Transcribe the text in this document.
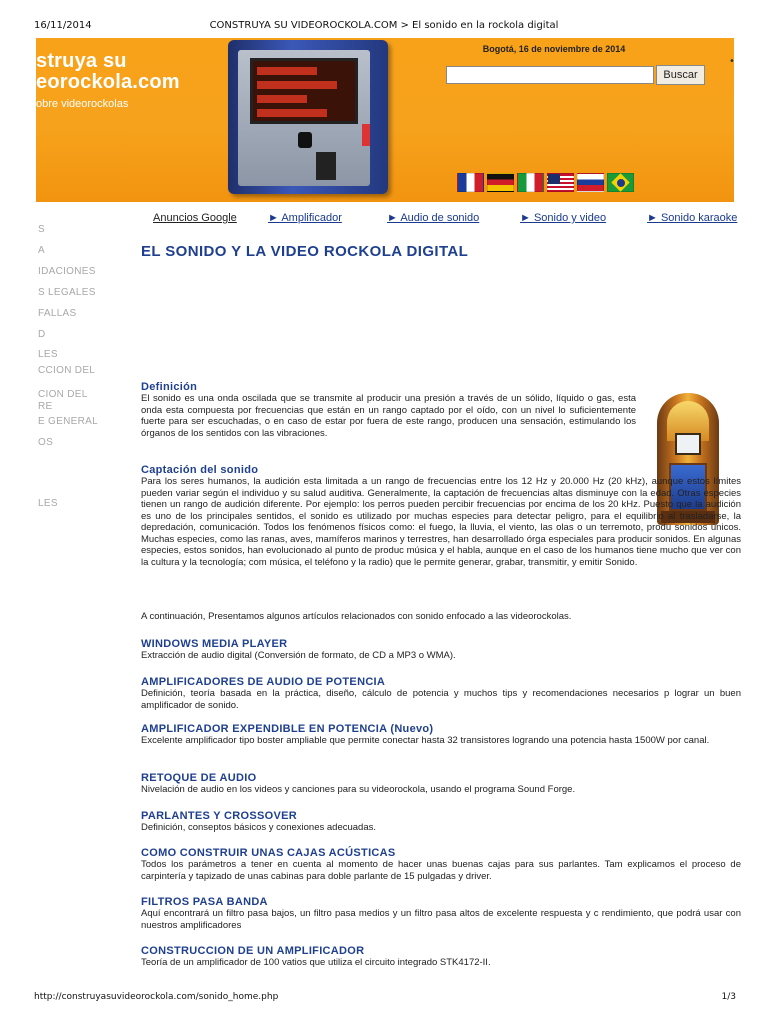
16/11/2014	CONSTRUYA SU VIDEOROCKOLA.COM > El sonido en la rockola digital
struya su
eorockola.com
obre videorockolas
Bogotá, 16 de noviembre de 2014
Buscar
•
Anuncios Google	► Amplificador	► Audio de sonido	► Sonido y video	► Sonido karaoke
S
A
IDACIONES
S LEGALES
FALLAS
D
LES
CCION DEL
CION DEL
RE
E GENERAL
OS
LES
EL SONIDO Y LA VIDEO ROCKOLA DIGITAL
Definición
El sonido es una onda oscilada que se transmite al producir una presión a través de un sólido, líquido o gas, esta onda esta compuesta por frecuencias que están en un rango captado por el oído, con un nivel lo suficientemente fuerte para ser escuchadas, o en caso de estar por fuera de este rango, producen una sensación, estimulando los órganos de los sentidos con las vibraciones.
Captación del sonido
Para los seres humanos, la audición esta limitada a un rango de frecuencias entre los 12 Hz y 20.000 Hz (20 kHz), aunque estos límites pueden variar según el individuo y su salud auditiva. Generalmente, la captación de frecuencias altas disminuye con la edad. Otras especies tienen un rango de audición diferente. Por ejemplo: los perros pueden percibir frecuencias por encima de los 20 kHz. Puesto que la audición es uno de los principales sentidos, el sonido es utilizado por muchas especies para detectar peligro, para el equilibrio al trasladarse, la depredación, comunicación. Todos los fenómenos físicos como: el fuego, la lluvia, el viento, las olas o un terremoto, produ sonidos únicos. Muchas especies, como las ranas, aves, mamíferos marinos y terrestres, han desarrollado órga especiales para producir sonidos. En algunas especies, estos sonidos, han evolucionado al punto de produc música y el habla, aunque en el caso de los humanos tiene mucho que ver con la cultura y la tecnología; com música, el teléfono y la radio) que le permite generar, grabar, transmitir, y emitir Sonido.
A continuación, Presentamos algunos artículos relacionados con sonido enfocado a las videorockolas.
WINDOWS MEDIA PLAYER
Extracción de audio digital (Conversión de formato, de CD a MP3 o WMA).
AMPLIFICADORES DE AUDIO DE POTENCIA
Definición, teoría basada en la práctica, diseño, cálculo de potencia y muchos tips y recomendaciones necesarios p lograr un buen amplificador de sonido.
AMPLIFICADOR EXPENDIBLE EN POTENCIA (Nuevo)
Excelente amplificador tipo boster ampliable que permite conectar hasta 32 transistores logrando una potencia hasta 1500W por canal.
RETOQUE DE AUDIO
Nivelación de audio en los videos y canciones para su videorockola, usando el programa Sound Forge.
PARLANTES Y CROSSOVER
Definición, conseptos básicos y conexiones adecuadas.
COMO CONSTRUIR UNAS CAJAS ACÚSTICAS
Todos los parámetros a tener en cuenta al momento de hacer unas buenas cajas para sus parlantes. Tam explicamos el proceso de carpintería y tapizado de unas cabinas para doble parlante de 15 pulgadas y driver.
FILTROS PASA BANDA
Aquí encontrará un filtro pasa bajos, un filtro pasa medios y un filtro pasa altos de excelente respuesta y c rendimiento, que podrá usar con nuestros amplificadores
CONSTRUCCION DE UN AMPLIFICADOR
Teoría de un amplificador de 100 vatios que utiliza el circuito integrado STK4172-II.
http://construyasuvideorockola.com/sonido_home.php	1/3
